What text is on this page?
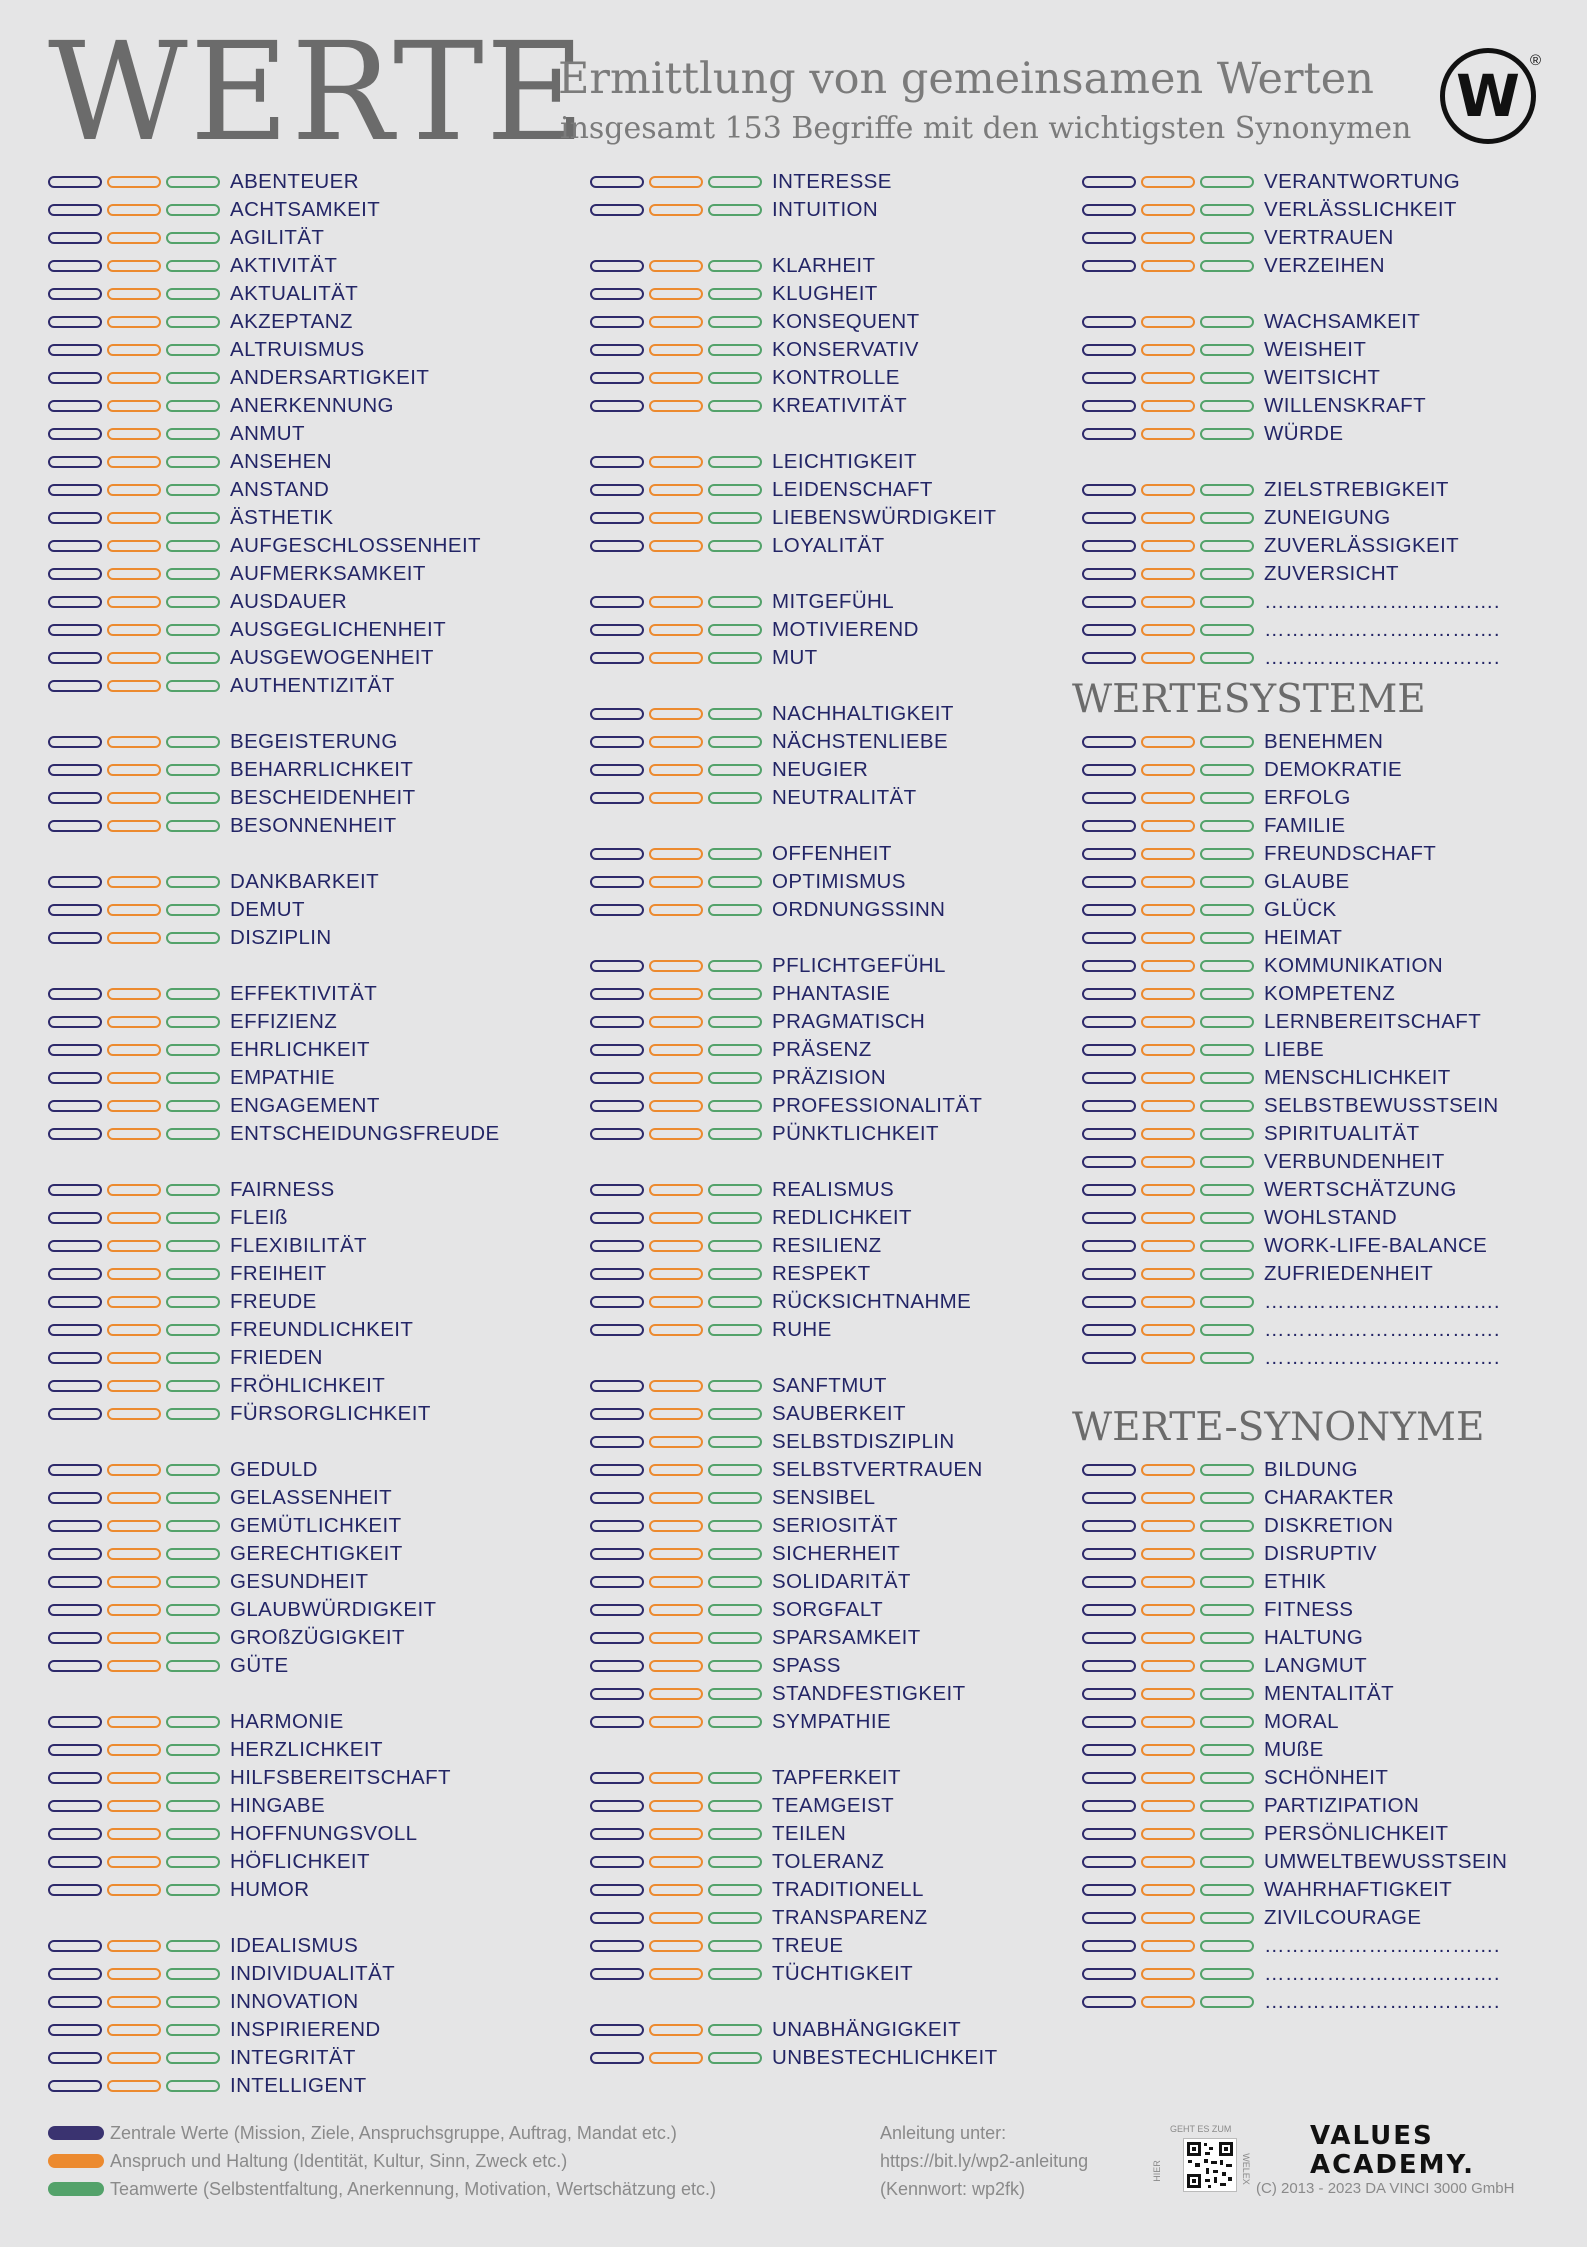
WERTE
Ermittlung von gemeinsamen Werten
insgesamt 153 Begriffe mit den wichtigsten Synonymen W
®
ABENTEUER
ACHTSAMKEIT
AGILITÄT
AKTIVITÄT
AKTUALITÄT
AKZEPTANZ
ALTRUISMUS
ANDERSARTIGKEIT
ANERKENNUNG
ANMUT
ANSEHEN
ANSTAND
ÄSTHETIK
AUFGESCHLOSSENHEIT
AUFMERKSAMKEIT
AUSDAUER
AUSGEGLICHENHEIT
AUSGEWOGENHEIT
AUTHENTIZITÄT
BEGEISTERUNG
BEHARRLICHKEIT
BESCHEIDENHEIT
BESONNENHEIT
DANKBARKEIT
DEMUT
DISZIPLIN
EFFEKTIVITÄT
EFFIZIENZ
EHRLICHKEIT
EMPATHIE
ENGAGEMENT
ENTSCHEIDUNGSFREUDE
FAIRNESS
FLEIß
FLEXIBILITÄT
FREIHEIT
FREUDE
FREUNDLICHKEIT
FRIEDEN
FRÖHLICHKEIT
FÜRSORGLICHKEIT
GEDULD
GELASSENHEIT
GEMÜTLICHKEIT
GERECHTIGKEIT
GESUNDHEIT
GLAUBWÜRDIGKEIT
GROßZÜGIGKEIT
GÜTE
HARMONIE
HERZLICHKEIT
HILFSBEREITSCHAFT
HINGABE
HOFFNUNGSVOLL
HÖFLICHKEIT
HUMOR
IDEALISMUS
INDIVIDUALITÄT
INNOVATION
INSPIRIEREND
INTEGRITÄT
INTELLIGENT
INTERESSE
INTUITION
KLARHEIT
KLUGHEIT
KONSEQUENT
KONSERVATIV
KONTROLLE
KREATIVITÄT
LEICHTIGKEIT
LEIDENSCHAFT
LIEBENSWÜRDIGKEIT
LOYALITÄT
MITGEFÜHL
MOTIVIEREND
MUT
NACHHALTIGKEIT
NÄCHSTENLIEBE
NEUGIER
NEUTRALITÄT
OFFENHEIT
OPTIMISMUS
ORDNUNGSSINN
PFLICHTGEFÜHL
PHANTASIE
PRAGMATISCH
PRÄSENZ
PRÄZISION
PROFESSIONALITÄT
PÜNKTLICHKEIT
REALISMUS
REDLICHKEIT
RESILIENZ
RESPEKT
RÜCKSICHTNAHME
RUHE
SANFTMUT
SAUBERKEIT
SELBSTDISZIPLIN
SELBSTVERTRAUEN
SENSIBEL
SERIOSITÄT
SICHERHEIT
SOLIDARITÄT
SORGFALT
SPARSAMKEIT
SPASS
STANDFESTIGKEIT
SYMPATHIE
TAPFERKEIT
TEAMGEIST
TEILEN
TOLERANZ
TRADITIONELL
TRANSPARENZ
TREUE
TÜCHTIGKEIT
UNABHÄNGIGKEIT
UNBESTECHLICHKEIT
VERANTWORTUNG
VERLÄSSLICHKEIT
VERTRAUEN
VERZEIHEN
WACHSAMKEIT
WEISHEIT
WEITSICHT
WILLENSKRAFT
WÜRDE
ZIELSTREBIGKEIT
ZUNEIGUNG
ZUVERLÄSSIGKEIT
ZUVERSICHT
…………………………….
…………………………….
…………………………….
WERTESYSTEME
BENEHMEN
DEMOKRATIE
ERFOLG
FAMILIE
FREUNDSCHAFT
GLAUBE
GLÜCK
HEIMAT
KOMMUNIKATION
KOMPETENZ
LERNBEREITSCHAFT
LIEBE
MENSCHLICHKEIT
SELBSTBEWUSSTSEIN
SPIRITUALITÄT
VERBUNDENHEIT
WERTSCHÄTZUNG
WOHLSTAND
WORK-LIFE-BALANCE
ZUFRIEDENHEIT
…………………………….
…………………………….
…………………………….
WERTE-SYNONYME
BILDUNG
CHARAKTER
DISKRETION
DISRUPTIV
ETHIK
FITNESS
HALTUNG
LANGMUT
MENTALITÄT
MORAL
MUßE
SCHÖNHEIT
PARTIZIPATION
PERSÖNLICHKEIT
UMWELTBEWUSSTSEIN
WAHRHAFTIGKEIT
ZIVILCOURAGE
…………………………….
…………………………….
…………………………….
Zentrale Werte (Mission, Ziele, Anspruchsgruppe, Auftrag, Mandat etc.)
Anspruch und Haltung (Identität, Kultur, Sinn, Zweck etc.)
Teamwerte (Selbstentfaltung, Anerkennung, Motivation, Wertschätzung etc.)
Anleitung unter:
https://bit.ly/wp2-anleitung
(Kennwort: wp2fk)
GEHT ES ZUM
HIER	WELEX
VALUES
ACADEMY.
(C) 2013 - 2023 DA VINCI 3000 GmbH
